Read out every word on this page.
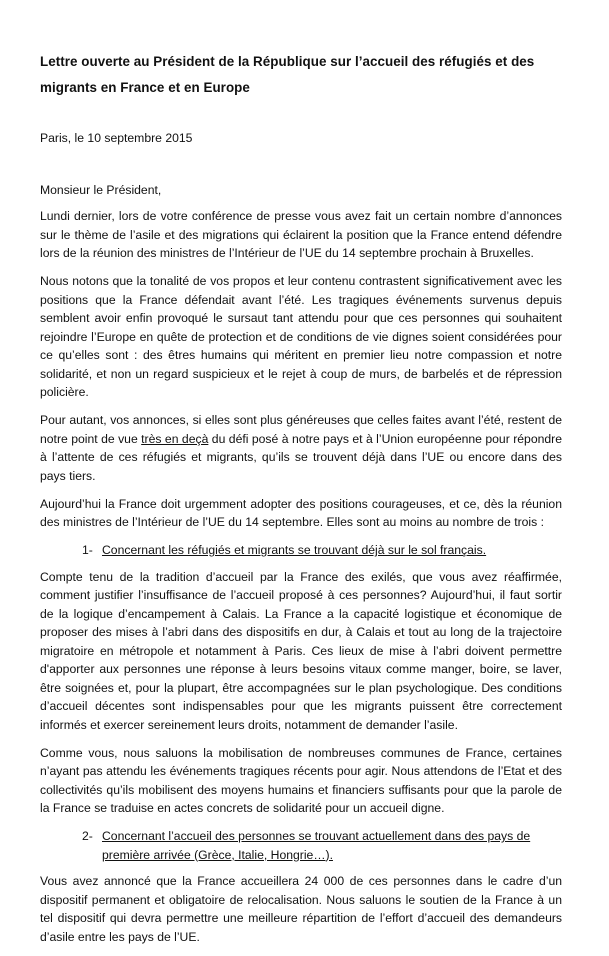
Lettre ouverte au Président de la République sur l’accueil des réfugiés et des migrants en France et en Europe
Paris, le 10 septembre 2015
Monsieur le Président,

Lundi dernier, lors de votre conférence de presse vous avez fait un certain nombre d’annonces sur le thème de l’asile et des migrations qui éclairent la position que la France entend défendre lors de la réunion des ministres de l’Intérieur de l’UE du 14 septembre prochain à Bruxelles.

Nous notons que la tonalité de vos propos et leur contenu contrastent significativement avec les positions que la France défendait avant l’été. Les tragiques événements survenus depuis semblent avoir enfin provoqué le sursaut tant attendu pour que ces personnes qui souhaitent rejoindre l’Europe en quête de protection et de conditions de vie dignes soient considérées pour ce qu’elles sont : des êtres humains qui méritent en premier lieu notre compassion et notre solidarité, et non un regard suspicieux et le rejet à coup de murs, de barbelés et de répression policière.

Pour autant, vos annonces, si elles sont plus généreuses que celles faites avant l’été, restent de notre point de vue très en deçà du défi posé à notre pays et à l’Union européenne pour répondre à l’attente de ces réfugiés et migrants, qu’ils se trouvent déjà dans l’UE ou encore dans des pays tiers.

Aujourd’hui la France doit urgemment adopter des positions courageuses, et ce, dès la réunion des ministres de l’Intérieur de l’UE du 14 septembre. Elles sont au moins au nombre de trois :

1- Concernant les réfugiés et migrants se trouvant déjà sur le sol français.

Compte tenu de la tradition d’accueil par la France des exilés, que vous avez réaffirmée, comment justifier l’insuffisance de l’accueil proposé à ces personnes? Aujourd’hui, il faut sortir de la logique d’encampement à Calais. La France a la capacité logistique et économique de proposer des mises à l’abri dans des dispositifs en dur, à Calais et tout au long de la trajectoire migratoire en métropole et notamment à Paris. Ces lieux de mise à l’abri doivent permettre d'apporter aux personnes une réponse à leurs besoins vitaux comme manger, boire, se laver, être soignées et, pour la plupart, être accompagnées sur le plan psychologique. Des conditions d’accueil décentes sont indispensables pour que les migrants puissent être correctement informés et exercer sereinement leurs droits, notamment de demander l’asile.

Comme vous, nous saluons la mobilisation de nombreuses communes de France, certaines n’ayant pas attendu les événements tragiques récents pour agir. Nous attendons de l’Etat et des collectivités qu’ils mobilisent des moyens humains et financiers suffisants pour que la parole de la France se traduise en actes concrets de solidarité pour un accueil digne.

2- Concernant l’accueil des personnes se trouvant actuellement dans des pays de première arrivée (Grèce, Italie, Hongrie…).

Vous avez annoncé que la France accueillera 24 000 de ces personnes dans le cadre d’un dispositif permanent et obligatoire de relocalisation. Nous saluons le soutien de la France à un tel dispositif qui devra permettre une meilleure répartition de l’effort d’accueil des demandeurs d’asile entre les pays de l’UE.
